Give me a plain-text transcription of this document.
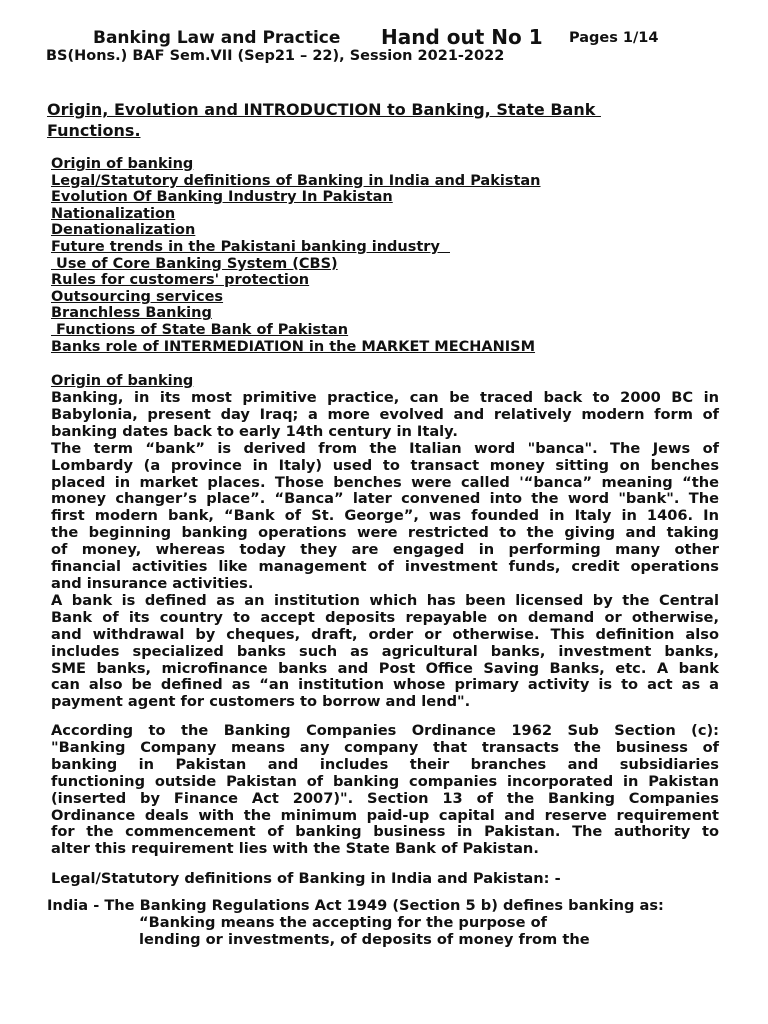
Banking Law and Practice Hand out No 1 Pages 1/14
BS(Hons.) BAF Sem.VII (Sep21 – 22), Session 2021-2022
Origin, Evolution and INTRODUCTION to Banking, State Bank
Functions.
Origin of banking
Legal/Statutory definitions of Banking in India and Pakistan
Evolution Of Banking Industry In Pakistan
Nationalization
Denationalization
Future trends in the Pakistani banking industry
Use of Core Banking System (CBS)
Rules for customers' protection
Outsourcing services
Branchless Banking
Functions of State Bank of Pakistan
Banks role of INTERMEDIATION in the MARKET MECHANISM
Origin of banking
Banking, in its most primitive practice, can be traced back to 2000 BC in
Babylonia, present day Iraq; a more evolved and relatively modern form of
banking dates back to early 14th century in Italy.
The term “bank” is derived from the Italian word "banca". The Jews of
Lombardy (a province in Italy) used to transact money sitting on benches
placed in market places. Those benches were called '“banca” meaning “the
money changer’s place”. “Banca” later convened into the word "bank". The
first modern bank, “Bank of St. George”, was founded in Italy in 1406. In
the beginning banking operations were restricted to the giving and taking
of money, whereas today they are engaged in performing many other
financial activities like management of investment funds, credit operations
and insurance activities.
A bank is defined as an institution which has been licensed by the Central
Bank of its country to accept deposits repayable on demand or otherwise,
and withdrawal by cheques, draft, order or otherwise. This definition also
includes specialized banks such as agricultural banks, investment banks,
SME banks, microfinance banks and Post Office Saving Banks, etc. A bank
can also be defined as “an institution whose primary activity is to act as a
payment agent for customers to borrow and lend".
According to the Banking Companies Ordinance 1962 Sub Section (c):
"Banking Company means any company that transacts the business of
banking in Pakistan and includes their branches and subsidiaries
functioning outside Pakistan of banking companies incorporated in Pakistan
(inserted by Finance Act 2007)". Section 13 of the Banking Companies
Ordinance deals with the minimum paid-up capital and reserve requirement
for the commencement of banking business in Pakistan. The authority to
alter this requirement lies with the State Bank of Pakistan.
Legal/Statutory definitions of Banking in India and Pakistan: -
India - The Banking Regulations Act 1949 (Section 5 b) defines banking as:
“Banking means the accepting for the purpose of
lending or investments, of deposits of money from the
